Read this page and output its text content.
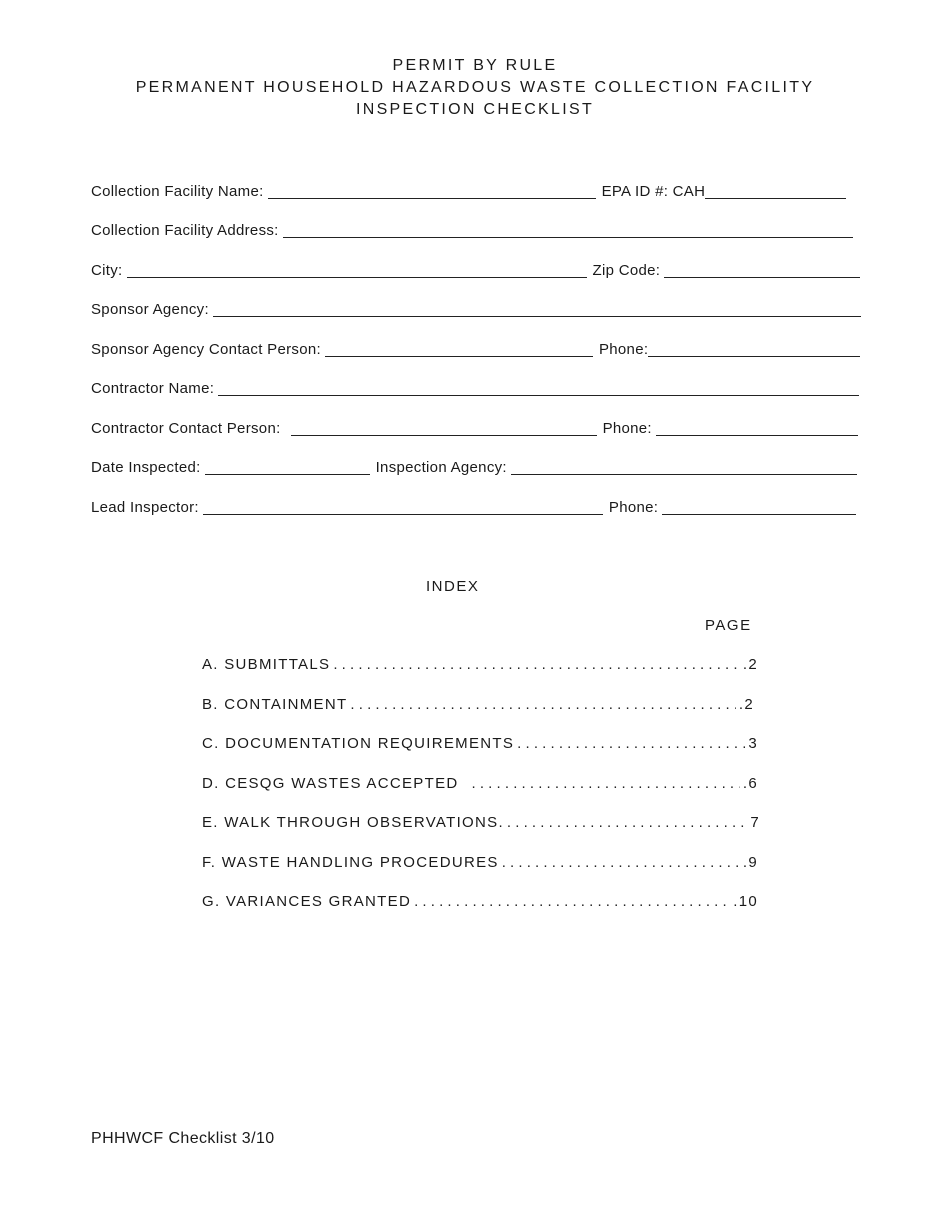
PERMIT BY RULE
PERMANENT HOUSEHOLD HAZARDOUS WASTE COLLECTION FACILITY
INSPECTION CHECKLIST
Collection Facility Name:	EPA ID #: CAH
Collection Facility Address:
City:	Zip Code:
Sponsor Agency:
Sponsor Agency Contact Person:	Phone:
Contractor Name:
Contractor Contact Person:	Phone:
Date Inspected:	Inspection Agency:
Lead Inspector:	Phone:
INDEX
PAGE
A. SUBMITTALS . . .	.2
B. CONTAINMENT . . .	.2
C. DOCUMENTATION REQUIREMENTS . . .	3
D. CESQG WASTES ACCEPTED . . .	.6
E. WALK THROUGH OBSERVATIONS. . . .	7
F. WASTE HANDLING PROCEDURES . . .	.9
G. VARIANCES GRANTED . . .	.10
PHHWCF Checklist 3/10
